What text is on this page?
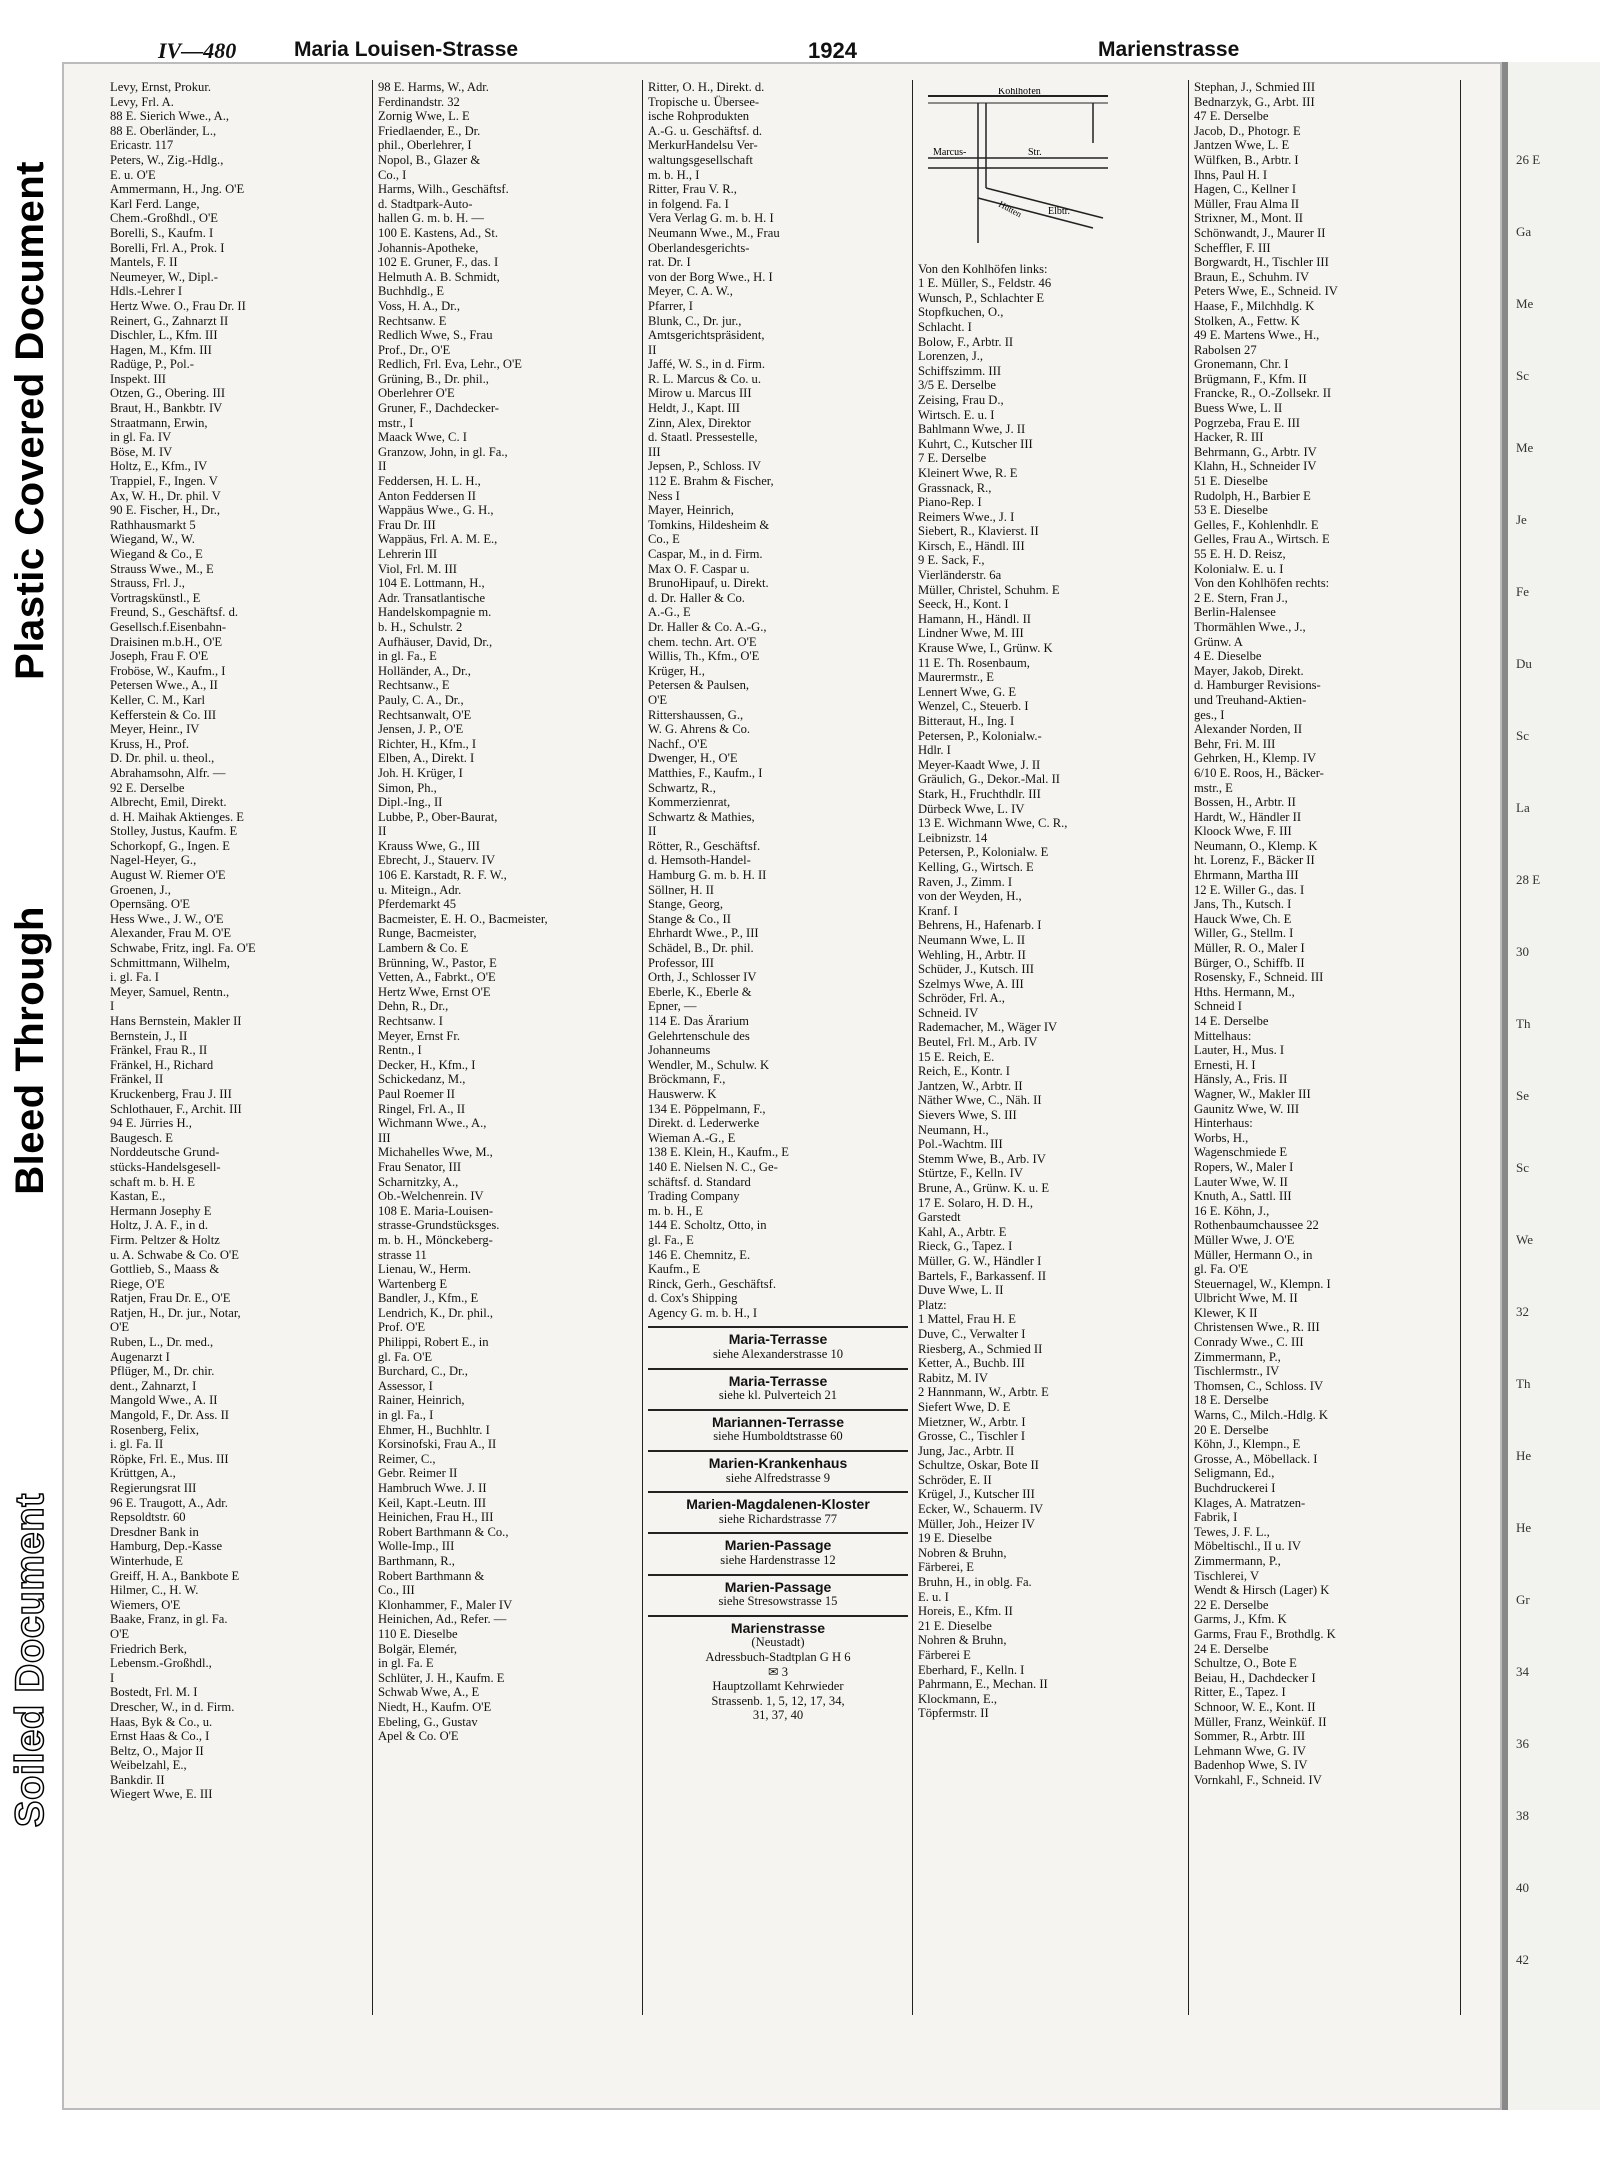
Plastic Covered Document
Bleed Through
Soiled Document
26 E
Ga
Me
Sc
Me
Je
Fe
Du
Sc
La
28 E
30
Th
Se
Sc
We
32
Th
He
He
Gr
34
36
38
40
42
IV—480	Maria Louisen-Strasse	1924	Marienstrasse
Levy, Ernst, Prokur.
Levy, Frl. A.
88 E. Sierich Wwe., A.,
88 E. Oberländer, L.,
Ericastr. 117
Peters, W., Zig.-Hdlg.,
E. u. O'E
Ammermann, H., Jng. O'E
Karl Ferd. Lange,
Chem.-Großhdl., O'E
Borelli, S., Kaufm. I
Borelli, Frl. A., Prok. I
Mantels, F. II
Neumeyer, W., Dipl.-
Hdls.-Lehrer I
Hertz Wwe. O., Frau Dr. II
Reinert, G., Zahnarzt II
Dischler, L., Kfm. III
Hagen, M., Kfm. III
Radüge, P., Pol.-
Inspekt. III
Otzen, G., Obering. III
Braut, H., Bankbtr. IV
Straatmann, Erwin,
in gl. Fa. IV
Böse, M. IV
Holtz, E., Kfm., IV
Trappiel, F., Ingen. V
Ax, W. H., Dr. phil. V
90 E. Fischer, H., Dr.,
Rathhausmarkt 5
Wiegand, W., W.
Wiegand & Co., E
Strauss Wwe., M., E
Strauss, Frl. J.,
Vortragskünstl., E
Freund, S., Geschäftsf. d.
Gesellsch.f.Eisenbahn-
Draisinen m.b.H., O'E
Joseph, Frau F. O'E
Froböse, W., Kaufm., I
Petersen Wwe., A., II
Keller, C. M., Karl
Kefferstein & Co. III
Meyer, Heinr., IV
Kruss, H., Prof.
D. Dr. phil. u. theol.,
Abrahamsohn, Alfr. —
92 E. Derselbe
Albrecht, Emil, Direkt.
d. H. Maihak Aktienges. E
Stolley, Justus, Kaufm. E
Schorkopf, G., Ingen. E
Nagel-Heyer, G.,
August W. Riemer O'E
Groenen, J.,
Opernsäng. O'E
Hess Wwe., J. W., O'E
Alexander, Frau M. O'E
Schwabe, Fritz, ingl. Fa. O'E
Schmittmann, Wilhelm,
i. gl. Fa. I
Meyer, Samuel, Rentn.,
I
Hans Bernstein, Makler II
Bernstein, J., II
Fränkel, Frau R., II
Fränkel, H., Richard
Fränkel, II
Kruckenberg, Frau J. III
Schlothauer, F., Archit. III
94 E. Jürries H.,
Baugesch. E
Norddeutsche Grund-
stücks-Handelsgesell-
schaft m. b. H. E
Kastan, E.,
Hermann Josephy E
Holtz, J. A. F., in d.
Firm. Peltzer & Holtz
u. A. Schwabe & Co. O'E
Gottlieb, S., Maass &
Riege, O'E
Ratjen, Frau Dr. E., O'E
Ratjen, H., Dr. jur., Notar,
O'E
Ruben, L., Dr. med.,
Augenarzt I
Pflüger, M., Dr. chir.
dent., Zahnarzt, I
Mangold Wwe., A. II
Mangold, F., Dr. Ass. II
Rosenberg, Felix,
i. gl. Fa. II
Röpke, Frl. E., Mus. III
Krüttgen, A.,
Regierungsrat III
96 E. Traugott, A., Adr.
Repsoldtstr. 60
Dresdner Bank in
Hamburg, Dep.-Kasse
Winterhude, E
Greiff, H. A., Bankbote E
Hilmer, C., H. W.
Wiemers, O'E
Baake, Franz, in gl. Fa.
O'E
Friedrich Berk,
Lebensm.-Großhdl.,
I
Bostedt, Frl. M. I
Drescher, W., in d. Firm.
Haas, Byk & Co., u.
Ernst Haas & Co., I
Beltz, O., Major II
Weibelzahl, E.,
Bankdir. II
Wiegert Wwe, E. III
98 E. Harms, W., Adr.
Ferdinandstr. 32
Zornig Wwe, L. E
Friedlaender, E., Dr.
phil., Oberlehrer, I
Nopol, B., Glazer &
Co., I
Harms, Wilh., Geschäftsf.
d. Stadtpark-Auto-
hallen G. m. b. H. —
100 E. Kastens, Ad., St.
Johannis-Apotheke,
102 E. Gruner, F., das. I
Helmuth A. B. Schmidt,
Buchhdlg., E
Voss, H. A., Dr.,
Rechtsanw. E
Redlich Wwe, S., Frau
Prof., Dr., O'E
Redlich, Frl. Eva, Lehr., O'E
Grüning, B., Dr. phil.,
Oberlehrer O'E
Gruner, F., Dachdecker-
mstr., I
Maack Wwe, C. I
Granzow, John, in gl. Fa.,
II
Feddersen, H. L. H.,
Anton Feddersen II
Wappäus Wwe., G. H.,
Frau Dr. III
Wappäus, Frl. A. M. E.,
Lehrerin III
Viol, Frl. M. III
104 E. Lottmann, H.,
Adr. Transatlantische
Handelskompagnie m.
b. H., Schulstr. 2
Aufhäuser, David, Dr.,
in gl. Fa., E
Holländer, A., Dr.,
Rechtsanw., E
Pauly, C. A., Dr.,
Rechtsanwalt, O'E
Jensen, J. P., O'E
Richter, H., Kfm., I
Elben, A., Direkt. I
Joh. H. Krüger, I
Simon, Ph.,
Dipl.-Ing., II
Lubbe, P., Ober-Baurat,
II
Krauss Wwe, G., III
Ebrecht, J., Stauerv. IV
106 E. Karstadt, R. F. W.,
u. Miteign., Adr.
Pferdemarkt 45
Bacmeister, E. H. O., Bacmeister,
Runge, Bacmeister,
Lambern & Co. E
Brünning, W., Pastor, E
Vetten, A., Fabrkt., O'E
Hertz Wwe, Ernst O'E
Dehn, R., Dr.,
Rechtsanw. I
Meyer, Ernst Fr.
Rentn., I
Decker, H., Kfm., I
Schickedanz, M.,
Paul Roemer II
Ringel, Frl. A., II
Wichmann Wwe., A.,
III
Michahelles Wwe, M.,
Frau Senator, III
Scharnitzky, A.,
Ob.-Welchenrein. IV
108 E. Maria-Louisen-
strasse-Grundstücksges.
m. b. H., Mönckeberg-
strasse 11
Lienau, W., Herm.
Wartenberg E
Bandler, J., Kfm., E
Lendrich, K., Dr. phil.,
Prof. O'E
Philippi, Robert E., in
gl. Fa. O'E
Burchard, C., Dr.,
Assessor, I
Rainer, Heinrich,
in gl. Fa., I
Ehmer, H., Buchhltr. I
Korsinofski, Frau A., II
Reimer, C.,
Gebr. Reimer II
Hambruch Wwe. J. II
Keil, Kapt.-Leutn. III
Heinichen, Frau H., III
Robert Barthmann & Co.,
Wolle-Imp., III
Barthmann, R.,
Robert Barthmann &
Co., III
Klonhammer, F., Maler IV
Heinichen, Ad., Refer. —
110 E. Dieselbe
Bolgär, Elemér,
in gl. Fa. E
Schlüter, J. H., Kaufm. E
Schwab Wwe, A., E
Niedt, H., Kaufm. O'E
Ebeling, G., Gustav
Apel & Co. O'E
Ritter, O. H., Direkt. d.
Tropische u. Übersee-
ische Rohprodukten
A.-G. u. Geschäftsf. d.
MerkurHandelsu Ver-
waltungsgesellschaft
m. b. H., I
Ritter, Frau V. R.,
in folgend. Fa. I
Vera Verlag G. m. b. H. I
Neumann Wwe., M., Frau
Oberlandesgerichts-
rat. Dr. I
von der Borg Wwe., H. I
Meyer, C. A. W.,
Pfarrer, I
Blunk, C., Dr. jur.,
Amtsgerichtspräsident,
II
Jaffé, W. S., in d. Firm.
R. L. Marcus & Co. u.
Mirow u. Marcus III
Heldt, J., Kapt. III
Zinn, Alex, Direktor
d. Staatl. Pressestelle,
III
Jepsen, P., Schloss. IV
112 E. Brahm & Fischer,
Ness I
Mayer, Heinrich,
Tomkins, Hildesheim &
Co., E
Caspar, M., in d. Firm.
Max O. F. Caspar u.
BrunoHipauf, u. Direkt.
d. Dr. Haller & Co.
A.-G., E
Dr. Haller & Co. A.-G.,
chem. techn. Art. O'E
Willis, Th., Kfm., O'E
Krüger, H.,
Petersen & Paulsen,
O'E
Rittershaussen, G.,
W. G. Ahrens & Co.
Nachf., O'E
Dwenger, H., O'E
Matthies, F., Kaufm., I
Schwartz, R.,
Kommerzienrat,
Schwartz & Mathies,
II
Rötter, R., Geschäftsf.
d. Hemsoth-Handel-
Hamburg G. m. b. H. II
Söllner, H. II
Stange, Georg,
Stange & Co., II
Ehrhardt Wwe., P., III
Schädel, B., Dr. phil.
Professor, III
Orth, J., Schlosser IV
Eberle, K., Eberle &
Epner, —
114 E. Das Ärarium
Gelehrtenschule des
Johanneums
Wendler, M., Schulw. K
Bröckmann, F.,
Hauswerw. K
134 E. Pöppelmann, F.,
Direkt. d. Lederwerke
Wieman A.-G., E
138 E. Klein, H., Kaufm., E
140 E. Nielsen N. C., Ge-
schäftsf. d. Standard
Trading Company
m. b. H., E
144 E. Scholtz, Otto, in
gl. Fa., E
146 E. Chemnitz, E.
Kaufm., E
Rinck, Gerh., Geschäftsf.
d. Cox's Shipping
Agency G. m. b. H., I
Maria-Terrasse
siehe Alexanderstrasse 10
Maria-Terrasse
siehe kl. Pulverteich 21
Mariannen-Terrasse
siehe Humboldtstrasse 60
Marien-Krankenhaus
siehe Alfredstrasse 9
Marien-Magdalenen-Kloster
siehe Richardstrasse 77
Marien-Passage
siehe Hardenstrasse 12
Marien-Passage
siehe Stresowstrasse 15
Marienstrasse
(Neustadt)
Adressbuch-Stadtplan G H 6
✉ 3
Hauptzollamt Kehrwieder
Strassenb. 1, 5, 12, 17, 34,
31, 37, 40
Kohlhöfen
Marcus-	Str.
Elbtr.
Hütten
Von den Kohlhöfen links:
1 E. Müller, S., Feldstr. 46
Wunsch, P., Schlachter E
Stopfkuchen, O.,
Schlacht. I
Bolow, F., Arbtr. II
Lorenzen, J.,
Schiffszimm. III
3/5 E. Derselbe
Zeising, Frau D.,
Wirtsch. E. u. I
Bahlmann Wwe, J. II
Kuhrt, C., Kutscher III
7 E. Derselbe
Kleinert Wwe, R. E
Grassnack, R.,
Piano-Rep. I
Reimers Wwe., J. I
Siebert, R., Klavierst. II
Kirsch, E., Händl. III
9 E. Sack, F.,
Vierländerstr. 6a
Müller, Christel, Schuhm. E
Seeck, H., Kont. I
Hamann, H., Händl. II
Lindner Wwe, M. III
Krause Wwe, I., Grünw. K
11 E. Th. Rosenbaum,
Maurermstr., E
Lennert Wwe, G. E
Wenzel, C., Steuerb. I
Bitteraut, H., Ing. I
Petersen, P., Kolonialw.-
Hdlr. I
Meyer-Kaadt Wwe, J. II
Gräulich, G., Dekor.-Mal. II
Stark, H., Fruchthdlr. III
Dürbeck Wwe, L. IV
13 E. Wichmann Wwe, C. R.,
Leibnizstr. 14
Petersen, P., Kolonialw. E
Kelling, G., Wirtsch. E
Raven, J., Zimm. I
von der Weyden, H.,
Kranf. I
Behrens, H., Hafenarb. I
Neumann Wwe, L. II
Wehling, H., Arbtr. II
Schüder, J., Kutsch. III
Szelmys Wwe, A. III
Schröder, Frl. A.,
Schneid. IV
Rademacher, M., Wäger IV
Beutel, Frl. M., Arb. IV
15 E. Reich, E.
Reich, E., Kontr. I
Jantzen, W., Arbtr. II
Näther Wwe, C., Näh. II
Sievers Wwe, S. III
Neumann, H.,
Pol.-Wachtm. III
Stemm Wwe, B., Arb. IV
Stürtze, F., Kelln. IV
Brune, A., Grünw. K. u. E
17 E. Solaro, H. D. H.,
Garstedt
Kahl, A., Arbtr. E
Rieck, G., Tapez. I
Müller, G. W., Händler I
Bartels, F., Barkassenf. II
Duve Wwe, L. II
Platz:
1 Mattel, Frau H. E
Duve, C., Verwalter I
Riesberg, A., Schmied II
Ketter, A., Buchb. III
Rabitz, M. IV
2 Hannmann, W., Arbtr. E
Siefert Wwe, D. E
Mietzner, W., Arbtr. I
Grosse, C., Tischler I
Jung, Jac., Arbtr. II
Schultze, Oskar, Bote II
Schröder, E. II
Krügel, J., Kutscher III
Ecker, W., Schauerm. IV
Müller, Joh., Heizer IV
19 E. Dieselbe
Nobren & Bruhn,
Färberei, E
Bruhn, H., in oblg. Fa.
E. u. I
Horeis, E., Kfm. II
21 E. Dieselbe
Nohren & Bruhn,
Färberei E
Eberhard, F., Kelln. I
Pahrmann, E., Mechan. II
Klockmann, E.,
Töpfermstr. II
Stephan, J., Schmied III
Bednarzyk, G., Arbt. III
47 E. Derselbe
Jacob, D., Photogr. E
Jantzen Wwe, L. E
Wülfken, B., Arbtr. I
Ihns, Paul H. I
Hagen, C., Kellner I
Müller, Frau Alma II
Strixner, M., Mont. II
Schönwandt, J., Maurer II
Scheffler, F. III
Borgwardt, H., Tischler III
Braun, E., Schuhm. IV
Peters Wwe, E., Schneid. IV
Haase, F., Milchhdlg. K
Stolken, A., Fettw. K
49 E. Martens Wwe., H.,
Rabolsen 27
Gronemann, Chr. I
Brügmann, F., Kfm. II
Francke, R., O.-Zollsekr. II
Buess Wwe, L. II
Pogrzeba, Frau E. III
Hacker, R. III
Behrmann, G., Arbtr. IV
Klahn, H., Schneider IV
51 E. Dieselbe
Rudolph, H., Barbier E
53 E. Dieselbe
Gelles, F., Kohlenhdlr. E
Gelles, Frau A., Wirtsch. E
55 E. H. D. Reisz,
Kolonialw. E. u. I
Von den Kohlhöfen rechts:
2 E. Stern, Fran J.,
Berlin-Halensee
Thormählen Wwe., J.,
Grünw. A
4 E. Dieselbe
Mayer, Jakob, Direkt.
d. Hamburger Revisions-
und Treuhand-Aktien-
ges., I
Alexander Norden, II
Behr, Fri. M. III
Gehrken, H., Klemp. IV
6/10 E. Roos, H., Bäcker-
mstr., E
Bossen, H., Arbtr. II
Hardt, W., Händler II
Kloock Wwe, F. III
Neumann, O., Klemp. K
ht. Lorenz, F., Bäcker II
Ehrmann, Martha III
12 E. Willer G., das. I
Jans, Th., Kutsch. I
Hauck Wwe, Ch. E
Willer, G., Stellm. I
Müller, R. O., Maler I
Bürger, O., Schiffb. II
Rosensky, F., Schneid. III
Hths. Hermann, M.,
Schneid I
14 E. Derselbe
Mittelhaus:
Lauter, H., Mus. I
Ernesti, H. I
Hänsly, A., Fris. II
Wagner, W., Makler III
Gaunitz Wwe, W. III
Hinterhaus:
Worbs, H.,
Wagenschmiede E
Ropers, W., Maler I
Lauter Wwe, W. II
Knuth, A., Sattl. III
16 E. Köhn, J.,
Rothenbaumchaussee 22
Müller Wwe, J. O'E
Müller, Hermann O., in
gl. Fa. O'E
Steuernagel, W., Klempn. I
Ulbricht Wwe, M. II
Klewer, K II
Christensen Wwe., R. III
Conrady Wwe., C. III
Zimmermann, P.,
Tischlermstr., IV
Thomsen, C., Schloss. IV
18 E. Derselbe
Warns, C., Milch.-Hdlg. K
20 E. Derselbe
Köhn, J., Klempn., E
Grosse, A., Möbellack. I
Seligmann, Ed.,
Buchdruckerei I
Klages, A. Matratzen-
Fabrik, I
Tewes, J. F. L.,
Möbeltischl., II u. IV
Zimmermann, P.,
Tischlerei, V
Wendt & Hirsch (Lager) K
22 E. Derselbe
Garms, J., Kfm. K
Garms, Frau F., Brothdlg. K
24 E. Derselbe
Schultze, O., Bote E
Beiau, H., Dachdecker I
Ritter, E., Tapez. I
Schnoor, W. E., Kont. II
Müller, Franz, Weinküf. II
Sommer, R., Arbtr. III
Lehmann Wwe, G. IV
Badenhop Wwe, S. IV
Vornkahl, F., Schneid. IV
